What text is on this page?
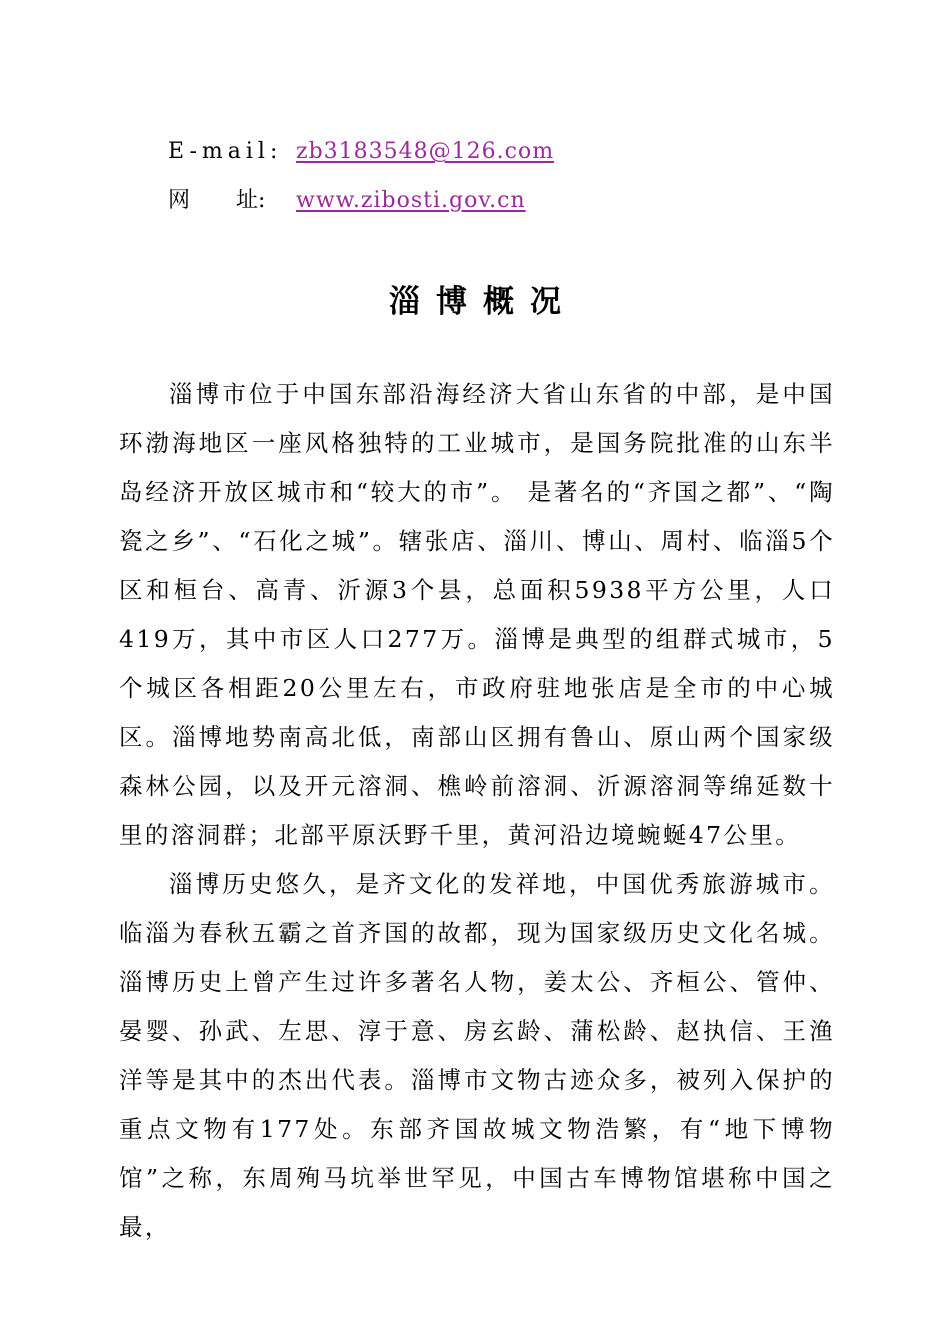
E-mail: zb3183548@126.com
网 址: www.zibosti.gov.cn
淄博概况

淄博市位于中国东部沿海经济大省山东省的中部，是中国环渤海地区一座风格独特的工业城市，是国务院批准的山东半岛经济开放区城市和“较大的市”。 是著名的“齐国之都”、“陶瓷之乡”、“石化之城”。辖张店、淄川、博山、周村、临淄5个区和桓台、高青、沂源3个县，总面积5938平方公里，人口419万，其中市区人口277万。淄博是典型的组群式城市，5个城区各相距20公里左右，市政府驻地张店是全市的中心城区。淄博地势南高北低，南部山区拥有鲁山、原山两个国家级森林公园，以及开元溶洞、樵岭前溶洞、沂源溶洞等绵延数十里的溶洞群；北部平原沃野千里，黄河沿边境蜿蜒47公里。

淄博历史悠久，是齐文化的发祥地，中国优秀旅游城市。临淄为春秋五霸之首齐国的故都，现为国家级历史文化名城。淄博历史上曾产生过许多著名人物，姜太公、齐桓公、管仲、晏婴、孙武、左思、淳于意、房玄龄、蒲松龄、赵执信、王渔洋等是其中的杰出代表。淄博市文物古迹众多，被列入保护的重点文物有177处。东部齐国故城文物浩繁，有“地下博物馆”之称，东周殉马坑举世罕见，中国古车博物馆堪称中国之最，
